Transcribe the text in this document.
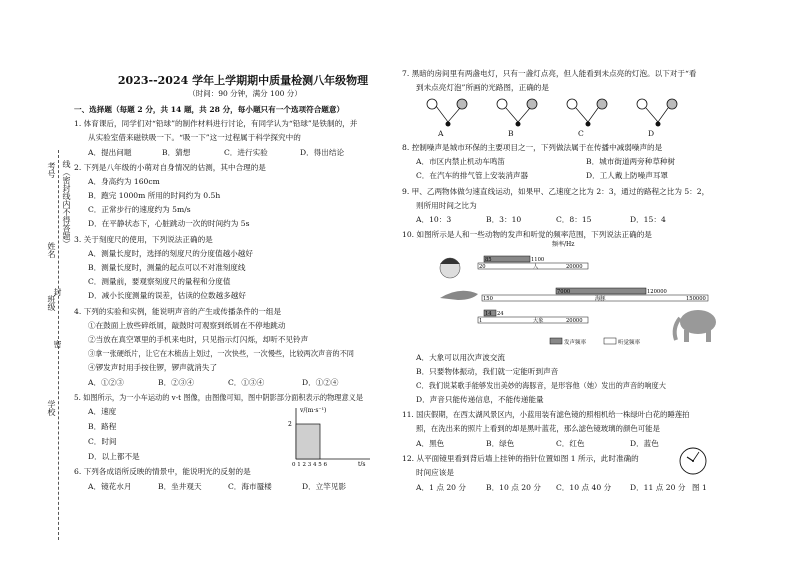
学校
班级
姓名
考号
密
封
线（密封线内不得答题）
2023--2024 学年上学期期中质量检测八年级物理
（时间：90 分钟，满分 100 分）
一、选择题（每题 2 分，共 14 题，共 28 分，每小题只有一个选项符合题意）
1. 体育课后，同学们对“铅球”的制作材料进行讨论，有同学认为“铅球”是铁制的，并
从实验室借来磁铁吸一下。“吸一下”这一过程属于科学探究中的
A．提出问题	B．猜想	C．进行实验	D．得出结论
2. 下列是八年级的小萌对自身情况的估测，其中合理的是
A．身高约为 160cm
B．跑完 1000m 所用的时间约为 0.5h
C．正常步行的速度约为 5m/s
D．在平静状态下，心脏跳动一次的时间约为 5s
3. 关于刻度尺的使用，下列说法正确的是
A．测量长度时，选择的刻度尺的分度值越小越好
B．测量长度时，测量的起点可以不对准刻度线
C．测量前，要观察刻度尺的量程和分度值
D．减小长度测量的误差，估读的位数越多越好
4. 下列的实验和实例，能说明声音的产生或传播条件的一组是
①在鼓面上放些碎纸屑，敲鼓时可观察到纸屑在不停地跳动
②当放在真空罩里的手机来电时，只见指示灯闪烁，却听不见铃声
③拿一张硬纸片，让它在木梳齿上划过，一次快些，一次慢些，比较两次声音的不同
④锣发声时用手按住锣，锣声就消失了
A．①②③	B．②③④	C．①③④	D．①②④
5. 如图所示，为一小车运动的 v-t 图像，由图像可知，图中阴影部分面积表示的物理意义是
A．速度
B．路程
C．时间
D．以上都不是
v/(m·s⁻¹)
2
0 1 2 3 4 5 6	t/s
6. 下列各成语所反映的情景中，能说明光的反射的是
A．镜花水月	B．坐井观天	C．海市蜃楼	D．立竿见影
7. 黑暗的房间里有两盏电灯，只有一盏灯点亮，但人能看到未点亮的灯泡。以下对于“看
到未点亮灯泡”所画的光路图，正确的是
A	B	C	D
8. 控制噪声是城市环保的主要项目之一，下列做法属于在传播中减弱噪声的是
A．市区内禁止机动车鸣笛	B．城市街道两旁种草种树
C．在汽车的排气管上安装消声器	D．工人戴上防噪声耳罩
9. 甲、乙两物体做匀速直线运动，如果甲、乙速度之比为 2：3，通过的路程之比为 5：2，
则所用时间之比为
A．10：3	B．3：10	C．8：15	D．15：4
10. 如图所示是人和一些动物的发声和听觉的频率范围，下列说法正确的是
频率/Hz
85	1100
20	20000
人
7000	120000
150	150000
海豚
14 24
1	20000
大象
发声频率	听觉频率
A．大象可以用次声波交流
B．只要物体振动，我们就一定能听到声音
C．我们说某歌手能够发出美妙的海豚音，是形容他（她）发出的声音的响度大
D．声音只能传递信息，不能传递能量
11. 国庆假期，在西太湖风景区内，小蓝用装有滤色镜的照相机给一株绿叶白花的睡莲拍
照，在洗出来的照片上看到的却是黑叶蓝花，那么滤色镜玻璃的颜色可能是
A．黑色	B．绿色	C．红色	D．蓝色
12. 从平面镜里看到背后墙上挂钟的指针位置如图 1 所示，此时准确的
时间应该是
A．1 点 20 分	B．10 点 20 分 C．10 点 40 分 D．11 点 20 分 图 1
